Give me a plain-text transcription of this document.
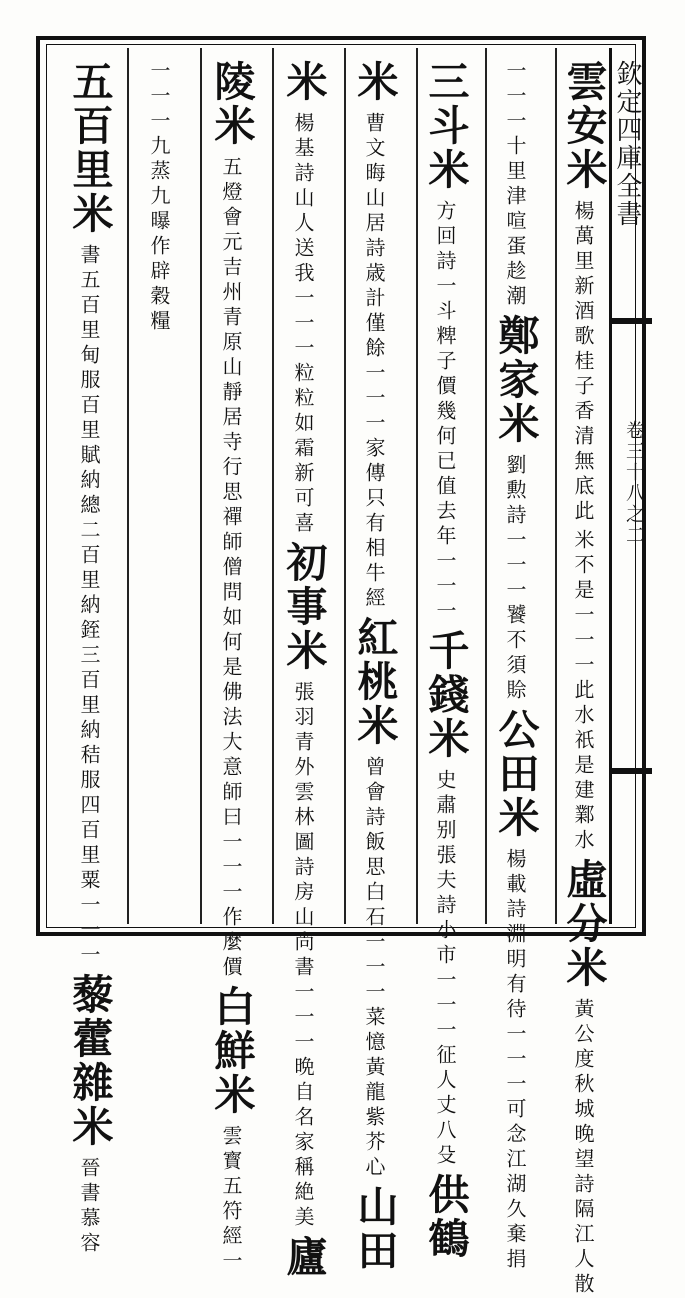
欽定四庫全書
卷三十八之二
雲安米
楊萬里新酒歌桂子香清無底此
米不是一一一此水祇是建鄴水
虛分米
黃公度秋城晚望詩隔江人散
一一一十里津喧蛋趁潮
鄭家米
劉勲詩一一一饕不須賒
公田米
楊載詩淵明有待一一一可念江湖久棄捐
三斗米
方回詩一斗粺子價幾何已值去年一一一
千錢米
史肅别張夫詩小市一一一征人丈八殳
供鶴
米
曹文晦山居詩歳計僅餘一一一家傳只有相牛經
紅桃米
曾會詩飯思白石一一一菜憶黃龍紫芥心
山田
米
楊基詩山人送我一一一粒粒如霜新可喜
初事米
張羽青外雲林圖詩房山尚書一一一晩自名家稱絶美
廬
陵米
五燈會元吉州青原山靜居寺行思禪師僧問如何是佛法大意師曰一一一作麼價
白鮮米
雲寳五符經一
一一一九蒸九曝作辟穀糧
五百里米
書五百里甸服百里賦納總二百里納銍三百里納秸服四百里粟一一一
藜藿雜米
晉書慕容
